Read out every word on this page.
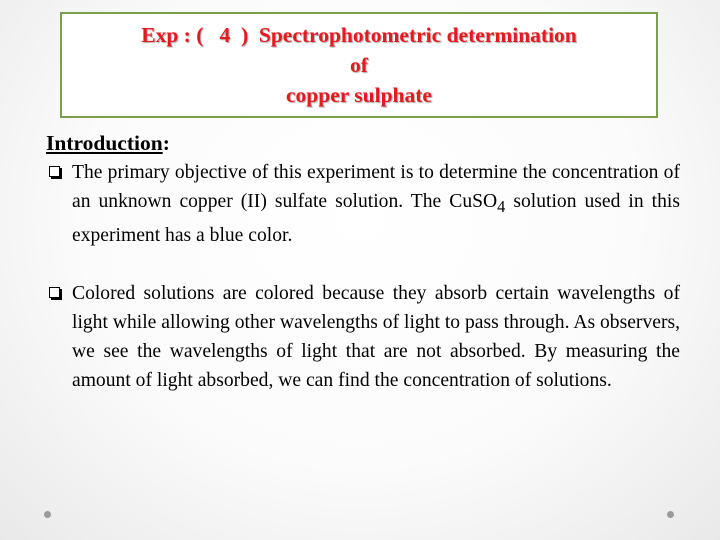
Exp : (   4  )  Spectrophotometric determination
of
copper sulphate

Introduction:

The primary objective of this experiment is to determine the concentration of an unknown copper (II) sulfate solution. The CuSO$_4$ solution used in this experiment has a blue color.

Colored solutions are colored because they absorb certain wavelengths of light while allowing other wavelengths of light to pass through. As observers, we see the wavelengths of light that are not absorbed. By measuring the amount of light absorbed, we can find the concentration of solutions.
